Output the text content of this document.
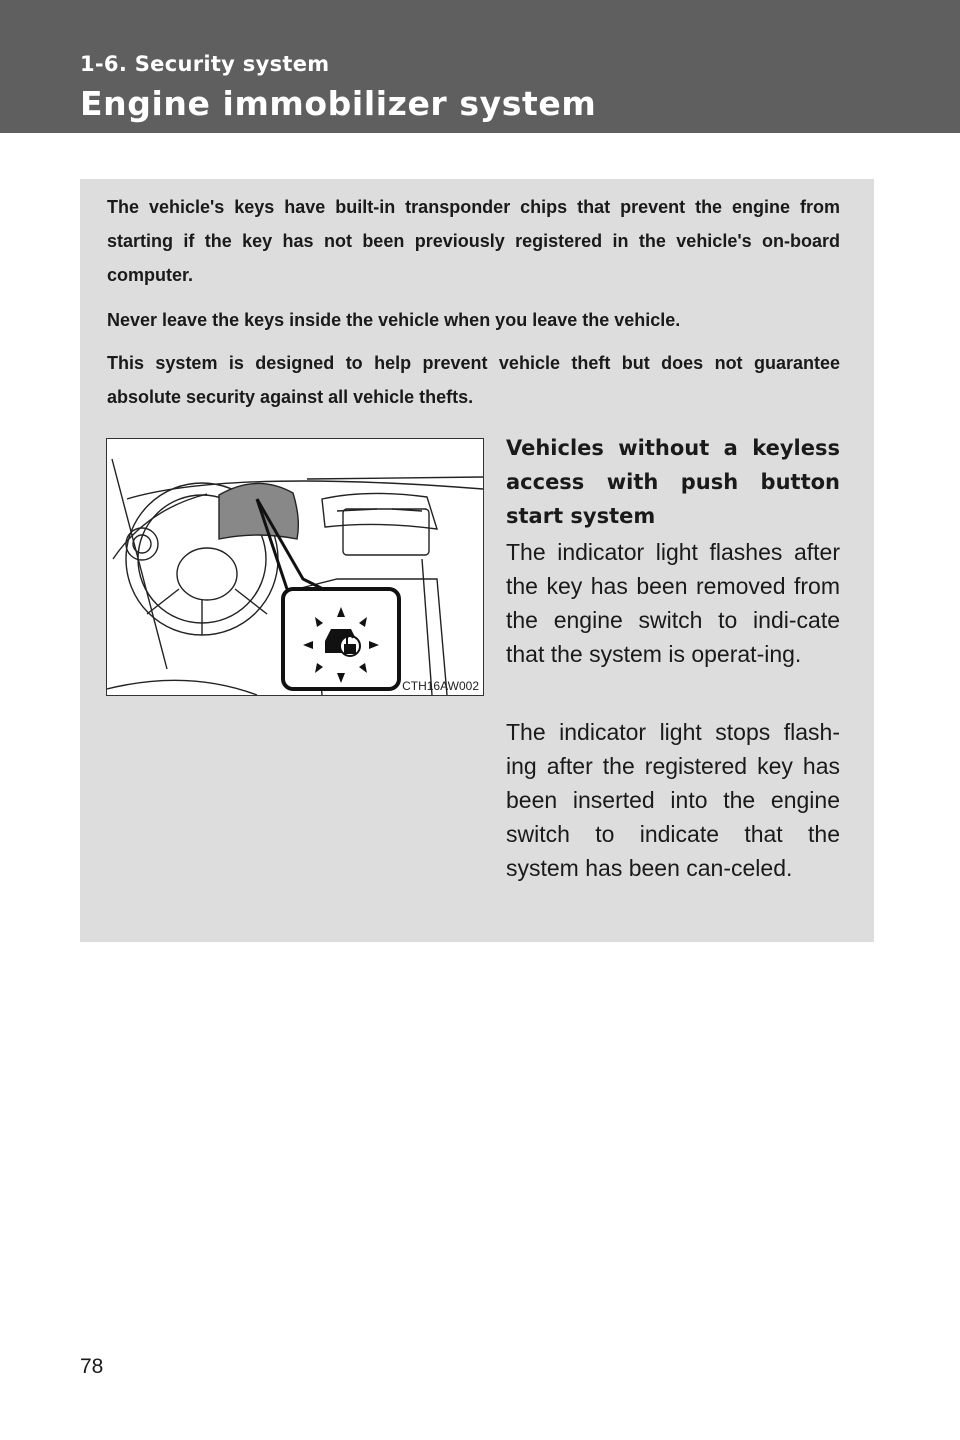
1-6. Security system
Engine immobilizer system

The vehicle's keys have built-in transponder chips that prevent the engine from starting if the key has not been previously registered in the vehicle's on-board computer.

Never leave the keys inside the vehicle when you leave the vehicle.

This system is designed to help prevent vehicle theft but does not guarantee absolute security against all vehicle thefts.

CTH16AW002

Vehicles without a keyless access with push button start system

The indicator light flashes after the key has been removed from the engine switch to indi-cate that the system is operat-ing.

The indicator light stops flash-ing after the registered key has been inserted into the engine switch to indicate that the system has been can-celed.

78
